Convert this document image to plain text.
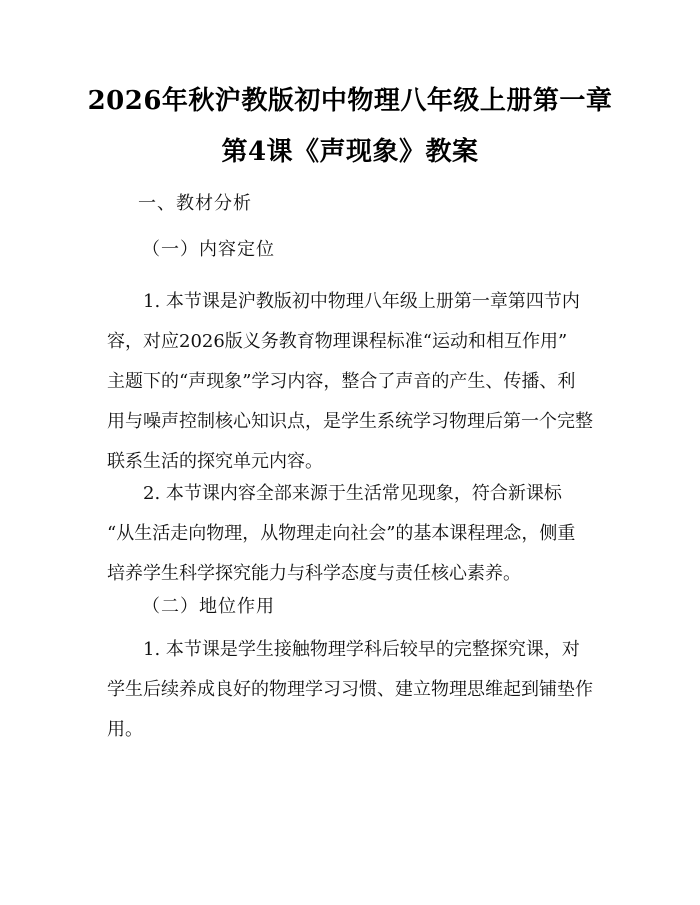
2026年秋沪教版初中物理八年级上册第一章
第4课《声现象》教案
一、教材分析
（一）内容定位
1. 本节课是沪教版初中物理八年级上册第一章第四节内
容，对应2026版义务教育物理课程标准“运动和相互作用”
主题下的“声现象”学习内容，整合了声音的产生、传播、利
用与噪声控制核心知识点，是学生系统学习物理后第一个完整
联系生活的探究单元内容。
2. 本节课内容全部来源于生活常见现象，符合新课标
“从生活走向物理，从物理走向社会”的基本课程理念，侧重
培养学生科学探究能力与科学态度与责任核心素养。
（二）地位作用
1. 本节课是学生接触物理学科后较早的完整探究课，对
学生后续养成良好的物理学习习惯、建立物理思维起到铺垫作
用。
